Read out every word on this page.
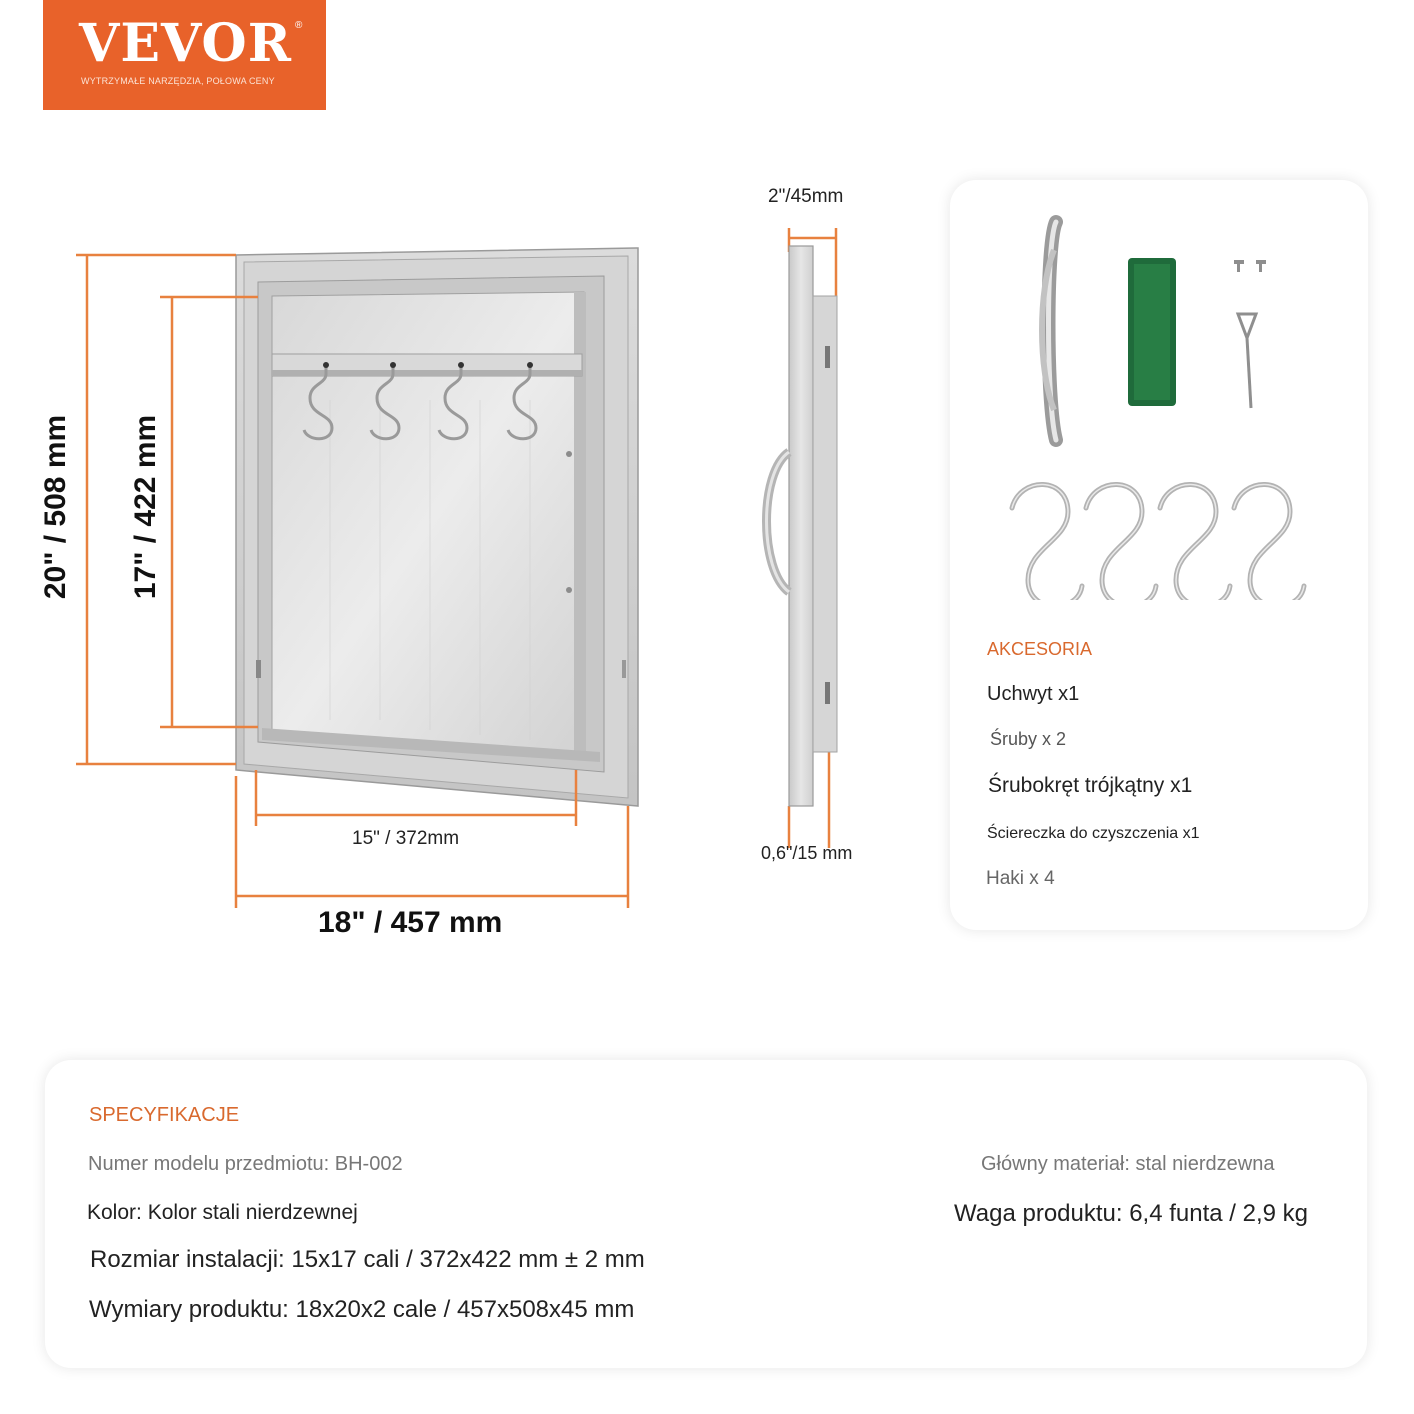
VEVOR ®
WYTRZYMAŁE NARZĘDZIA, POŁOWA CENY
20" / 508 mm 17" / 422 mm
15" / 372mm
18" / 457 mm
2"/45mm
0,6"/15 mm
AKCESORIA
Uchwyt x1
Śruby x 2
Śrubokręt trójkątny x1
Ściereczka do czyszczenia x1
Haki x 4
SPECYFIKACJE
Numer modelu przedmiotu: BH-002
Kolor: Kolor stali nierdzewnej
Rozmiar instalacji: 15x17 cali / 372x422 mm ± 2 mm
Wymiary produktu: 18x20x2 cale / 457x508x45 mm
Główny materiał: stal nierdzewna
Waga produktu: 6,4 funta / 2,9 kg
